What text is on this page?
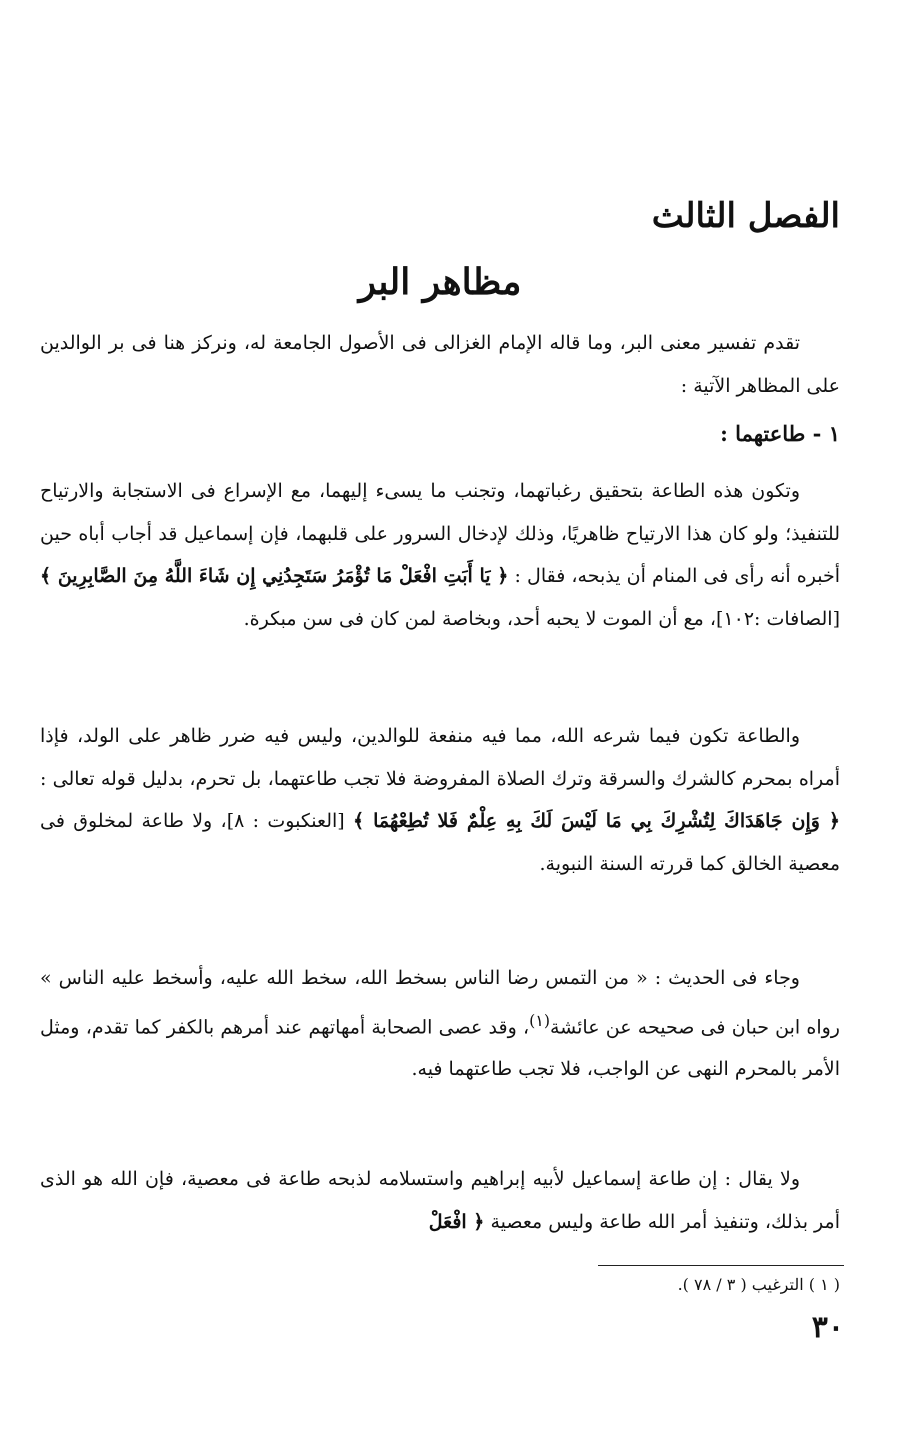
الفصل الثالث
مظاهر البر
تقدم تفسير معنى البر، وما قاله الإمام الغزالى فى الأصول الجامعة له، ونركز هنا فى بر الوالدين على المظاهر الآتية :
١ - طاعتهما :
وتكون هذه الطاعة بتحقيق رغباتهما، وتجنب ما يسىء إليهما، مع الإسراع فى الاستجابة والارتياح للتنفيذ؛ ولو كان هذا الارتياح ظاهريًا، وذلك لإدخال السرور على قلبهما، فإن إسماعيل قد أجاب أباه حين أخبره أنه رأى فى المنام أن يذبحه، فقال : ﴿ يَا أَبَتِ افْعَلْ مَا تُؤْمَرُ سَتَجِدُنِي إِن شَاءَ اللَّهُ مِنَ الصَّابِرِينَ ﴾ [الصافات :١٠٢]، مع أن الموت لا يحبه أحد، وبخاصة لمن كان فى سن مبكرة.
والطاعة تكون فيما شرعه الله، مما فيه منفعة للوالدين، وليس فيه ضرر ظاهر على الولد، فإذا أمراه بمحرم كالشرك والسرقة وترك الصلاة المفروضة فلا تجب طاعتهما، بل تحرم، بدليل قوله تعالى : ﴿ وَإِن جَاهَدَاكَ لِتُشْرِكَ بِي مَا لَيْسَ لَكَ بِهِ عِلْمٌ فَلا تُطِعْهُمَا ﴾ [العنكبوت : ٨]، ولا طاعة لمخلوق فى معصية الخالق كما قررته السنة النبوية.
وجاء فى الحديث : « من التمس رضا الناس بسخط الله، سخط الله عليه، وأسخط عليه الناس » رواه ابن حبان فى صحيحه عن عائشة$^{(١)}$، وقد عصى الصحابة أمهاتهم عند أمرهم بالكفر كما تقدم، ومثل الأمر بالمحرم النهى عن الواجب، فلا تجب طاعتهما فيه.
ولا يقال : إن طاعة إسماعيل لأبيه إبراهيم واستسلامه لذبحه طاعة فى معصية، فإن الله هو الذى أمر بذلك، وتنفيذ أمر الله طاعة وليس معصية ﴿ افْعَلْ
( ١ ) الترغيب ( ٣ / ٧٨ ).
٣٠
